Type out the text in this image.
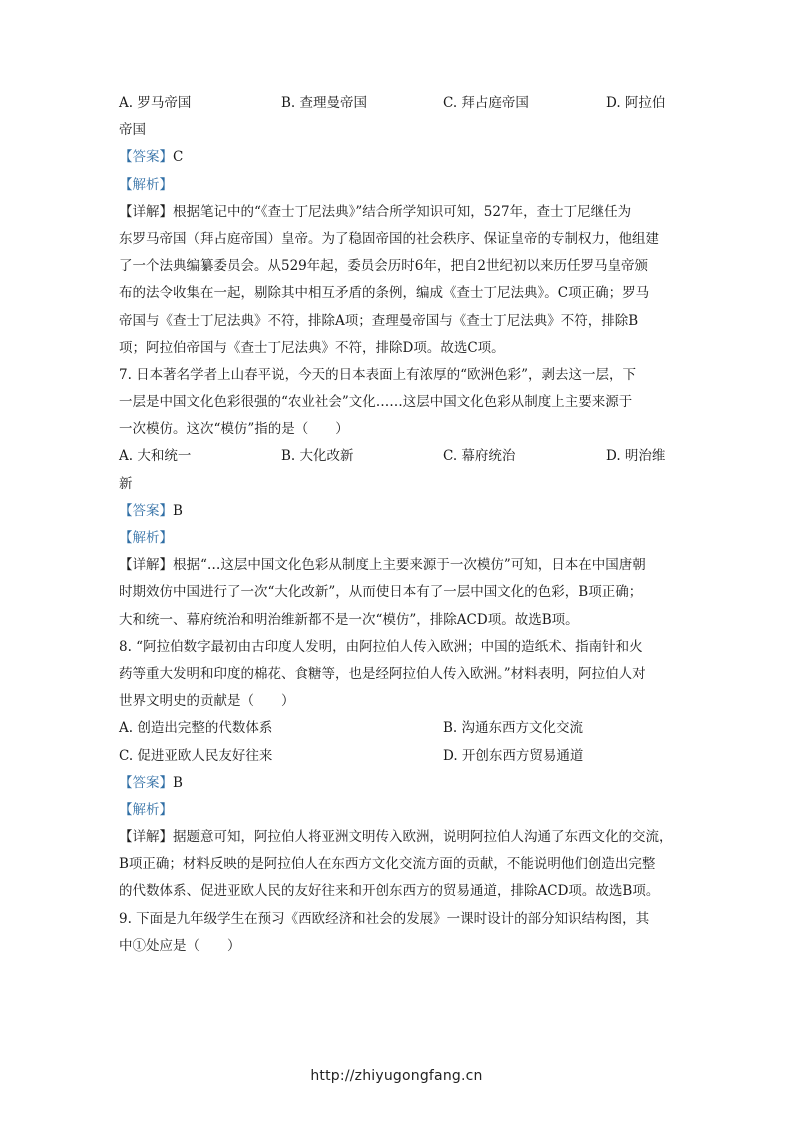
A. 罗马帝国	B. 查理曼帝国	C. 拜占庭帝国	D. 阿拉伯
帝国
【答案】C
【解析】
【详解】根据笔记中的“《查士丁尼法典》”结合所学知识可知，527年，查士丁尼继任为
东罗马帝国（拜占庭帝国）皇帝。为了稳固帝国的社会秩序、保证皇帝的专制权力，他组建
了一个法典编纂委员会。从529年起，委员会历时6年，把自2世纪初以来历任罗马皇帝颁
布的法令收集在一起，剔除其中相互矛盾的条例，编成《查士丁尼法典》。C项正确；罗马
帝国与《查士丁尼法典》不符，排除A项；查理曼帝国与《查士丁尼法典》不符，排除B
项；阿拉伯帝国与《查士丁尼法典》不符，排除D项。故选C项。
7. 日本著名学者上山春平说，今天的日本表面上有浓厚的“欧洲色彩”，剥去这一层，下
一层是中国文化色彩很强的“农业社会”文化……这层中国文化色彩从制度上主要来源于
一次模仿。这次“模仿”指的是（　　）
A. 大和统一	B. 大化改新	C. 幕府统治	D. 明治维
新
【答案】B
【解析】
【详解】根据“…这层中国文化色彩从制度上主要来源于一次模仿”可知，日本在中国唐朝
时期效仿中国进行了一次“大化改新”，从而使日本有了一层中国文化的色彩，B项正确；
大和统一、幕府统治和明治维新都不是一次“模仿”，排除ACD项。故选B项。
8. “阿拉伯数字最初由古印度人发明，由阿拉伯人传入欧洲；中国的造纸术、指南针和火
药等重大发明和印度的棉花、食糖等，也是经阿拉伯人传入欧洲。”材料表明，阿拉伯人对
世界文明史的贡献是（　　）
A. 创造出完整的代数体系	B. 沟通东西方文化交流
C. 促进亚欧人民友好往来	D. 开创东西方贸易通道
【答案】B
【解析】
【详解】据题意可知，阿拉伯人将亚洲文明传入欧洲，说明阿拉伯人沟通了东西文化的交流，
B项正确；材料反映的是阿拉伯人在东西方文化交流方面的贡献，不能说明他们创造出完整
的代数体系、促进亚欧人民的友好往来和开创东西方的贸易通道，排除ACD项。故选B项。
9. 下面是九年级学生在预习《西欧经济和社会的发展》一课时设计的部分知识结构图，其
中①处应是（　　）
http://zhiyugongfang.cn
